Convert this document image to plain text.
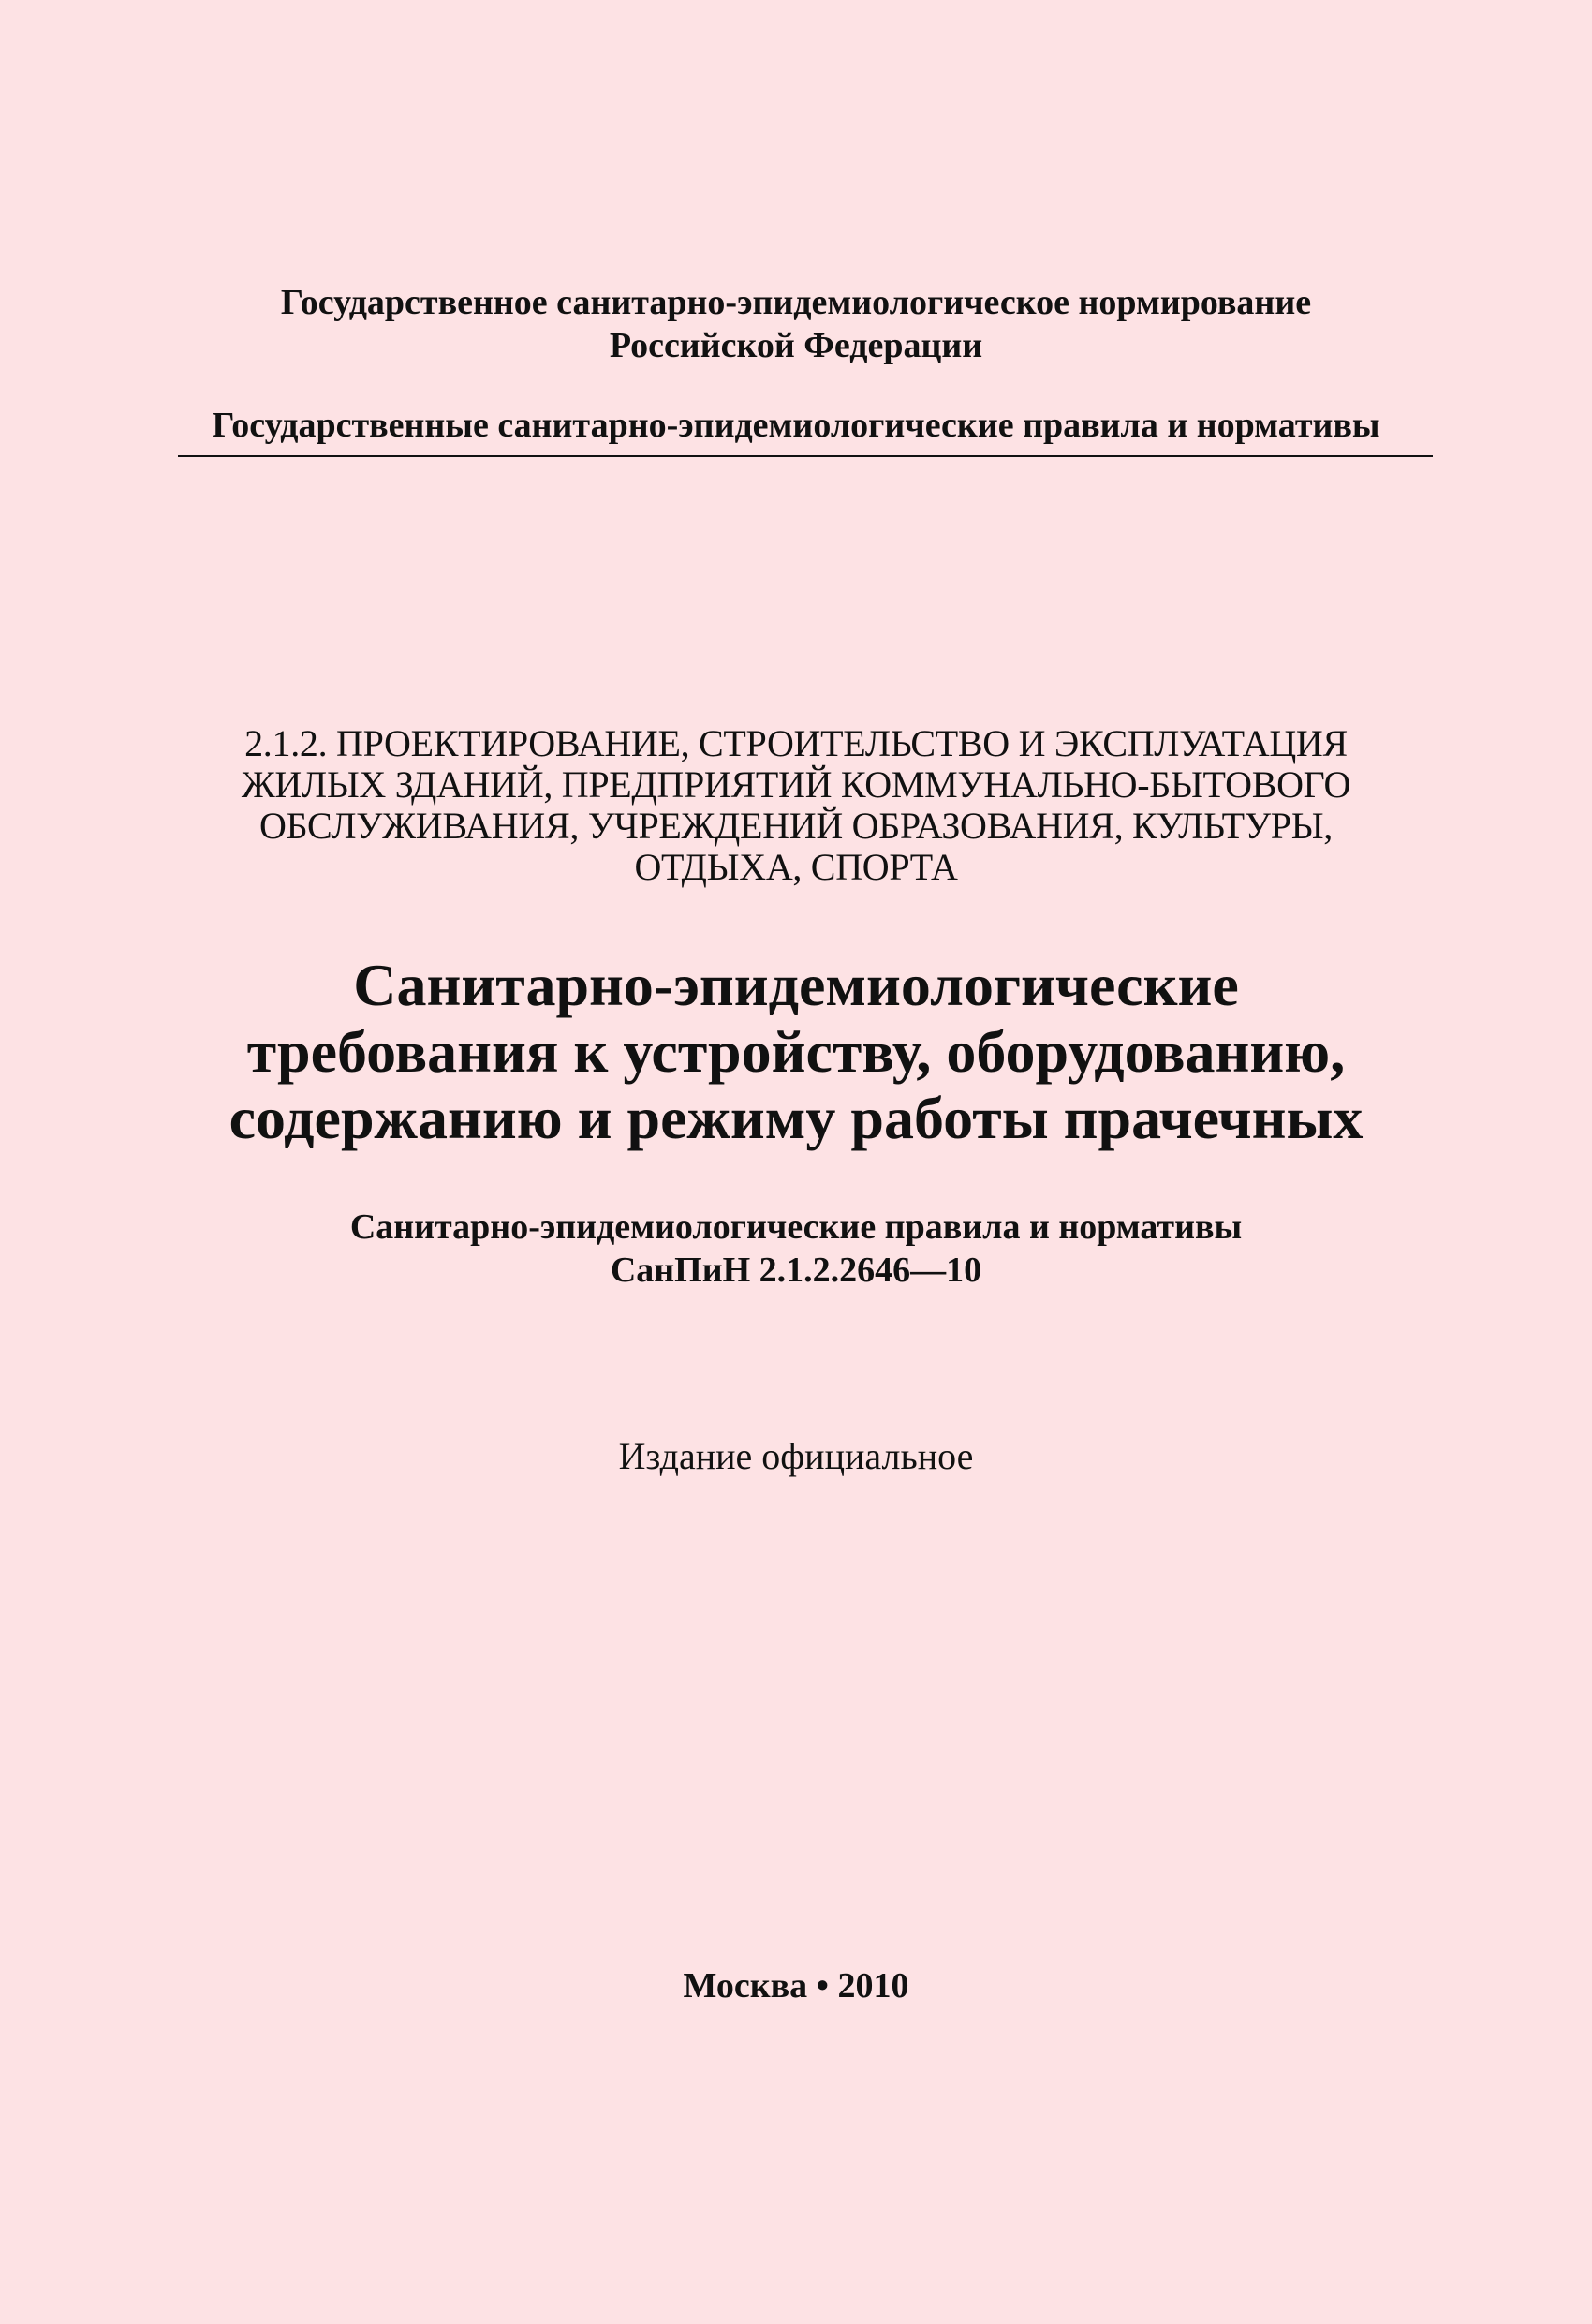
Государственное санитарно-эпидемиологическое нормирование
Российской Федерации
Государственные санитарно-эпидемиологические правила и нормативы
2.1.2. ПРОЕКТИРОВАНИЕ, СТРОИТЕЛЬСТВО И ЭКСПЛУАТАЦИЯ
ЖИЛЫХ ЗДАНИЙ, ПРЕДПРИЯТИЙ КОММУНАЛЬНО-БЫТОВОГО
ОБСЛУЖИВАНИЯ, УЧРЕЖДЕНИЙ ОБРАЗОВАНИЯ, КУЛЬТУРЫ,
ОТДЫХА, СПОРТА
Санитарно-эпидемиологические
требования к устройству, оборудованию,
содержанию и режиму работы прачечных
Санитарно-эпидемиологические правила и нормативы
СанПиН 2.1.2.2646—10
Издание официальное
Москва • 2010
